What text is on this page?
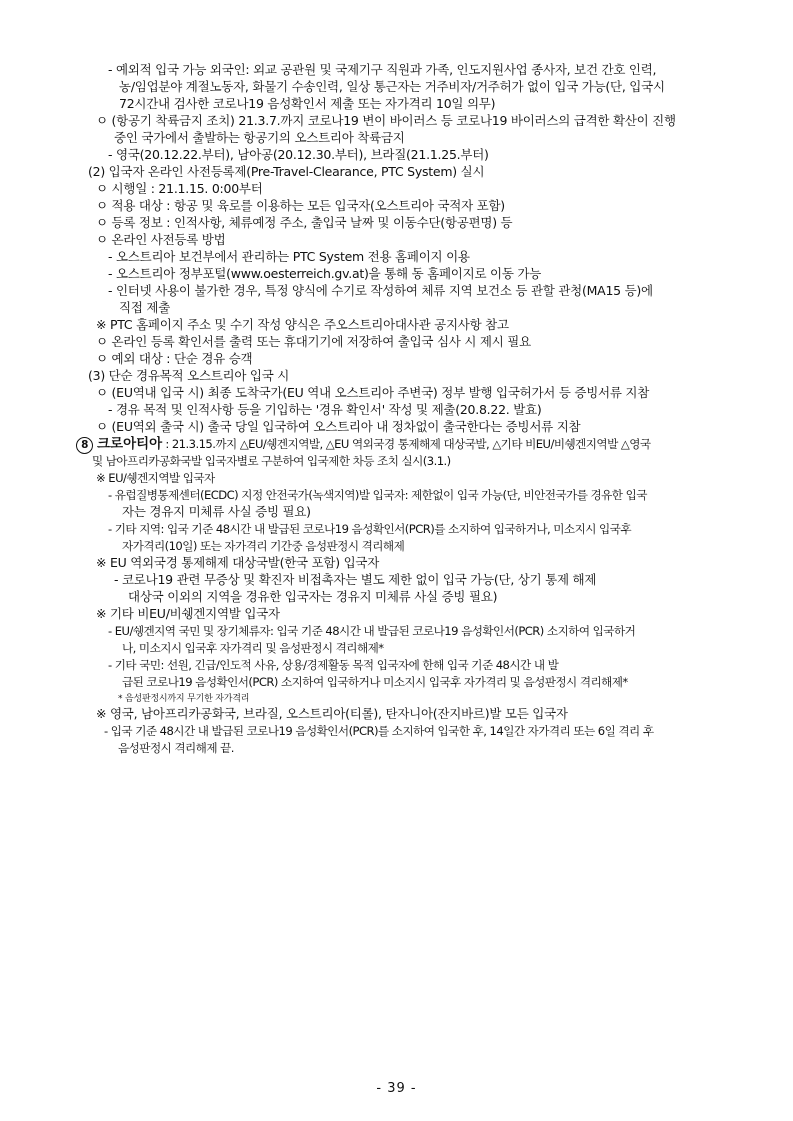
- 예외적 입국 가능 외국인: 외교 공관원 및 국제기구 직원과 가족, 인도지원사업 종사자, 보건 간호 인력,
농/임업분야 계절노동자, 화물기 수송인력, 일상 통근자는 거주비자/거주허가 없이 입국 가능(단, 입국시
72시간내 검사한 코로나19 음성확인서 제출 또는 자가격리 10일 의무)
ㅇ (항공기 착륙금지 조치) 21.3.7.까지 코로나19 변이 바이러스 등 코로나19 바이러스의 급격한 확산이 진행
중인 국가에서 출발하는 항공기의 오스트리아 착륙금지
- 영국(20.12.22.부터), 남아공(20.12.30.부터), 브라질(21.1.25.부터)
(2) 입국자 온라인 사전등록제(Pre-Travel-Clearance, PTC System) 실시
ㅇ 시행일 : 21.1.15. 0:00부터
ㅇ 적용 대상 : 항공 및 육로를 이용하는 모든 입국자(오스트리아 국적자 포함)
ㅇ 등록 정보 : 인적사항, 체류예정 주소, 출입국 날짜 및 이동수단(항공편명) 등
ㅇ 온라인 사전등록 방법
- 오스트리아 보건부에서 관리하는 PTC System 전용 홈페이지 이용
- 오스트리아 정부포털(www.oesterreich.gv.at)을 통해 동 홈페이지로 이동 가능
- 인터넷 사용이 불가한 경우, 특정 양식에 수기로 작성하여 체류 지역 보건소 등 관할 관청(MA15 등)에
직접 제출
※ PTC 홈페이지 주소 및 수기 작성 양식은 주오스트리아대사관 공지사항 참고
ㅇ 온라인 등록 확인서를 출력 또는 휴대기기에 저장하여 출입국 심사 시 제시 필요
ㅇ 예외 대상 : 단순 경유 승객
(3) 단순 경유목적 오스트리아 입국 시
ㅇ (EU역내 입국 시) 최종 도착국가(EU 역내 오스트리아 주변국) 정부 발행 입국허가서 등 증빙서류 지참
- 경유 목적 및 인적사항 등을 기입하는 '경유 확인서' 작성 및 제출(20.8.22. 발효)
ㅇ (EU역외 출국 시) 출국 당일 입국하여 오스트리아 내 정차없이 출국한다는 증빙서류 지참
8 크로아티아 : 21.3.15.까지 △EU/쉥겐지역발, △EU 역외국경 통제해제 대상국발, △기타 비EU/비쉥겐지역발 △영국
및 남아프리카공화국발 입국자별로 구분하여 입국제한 차등 조치 실시(3.1.)
※ EU/쉥겐지역발 입국자
- 유럽질병통제센터(ECDC) 지정 안전국가(녹색지역)발 입국자: 제한없이 입국 가능(단, 비안전국가를 경유한 입국
자는 경유지 미체류 사실 증빙 필요)
- 기타 지역: 입국 기준 48시간 내 발급된 코로나19 음성확인서(PCR)를 소지하여 입국하거나, 미소지시 입국후
자가격리(10일) 또는 자가격리 기간중 음성판정시 격리해제
※ EU 역외국경 통제해제 대상국발(한국 포함) 입국자
- 코로나19 관련 무증상 및 확진자 비접촉자는 별도 제한 없이 입국 가능(단, 상기 통제 해제
대상국 이외의 지역을 경유한 입국자는 경유지 미체류 사실 증빙 필요)
※ 기타 비EU/비쉥겐지역발 입국자
- EU/쉥겐지역 국민 및 장기체류자: 입국 기준 48시간 내 발급된 코로나19 음성확인서(PCR) 소지하여 입국하거
나, 미소지시 입국후 자가격리 및 음성판정시 격리해제*
- 기타 국민: 선원, 긴급/인도적 사유, 상용/경제활동 목적 입국자에 한해 입국 기준 48시간 내 발
급된 코로나19 음성확인서(PCR) 소지하여 입국하거나 미소지시 입국후 자가격리 및 음성판정시 격리해제*
* 음성판정시까지 무기한 자가격리
※ 영국, 남아프리카공화국, 브라질, 오스트리아(티롤), 탄자니아(잔지바르)발 모든 입국자
- 입국 기준 48시간 내 발급된 코로나19 음성확인서(PCR)를 소지하여 입국한 후, 14일간 자가격리 또는 6일 격리 후
음성판정시 격리해제 끝.
- 39 -
